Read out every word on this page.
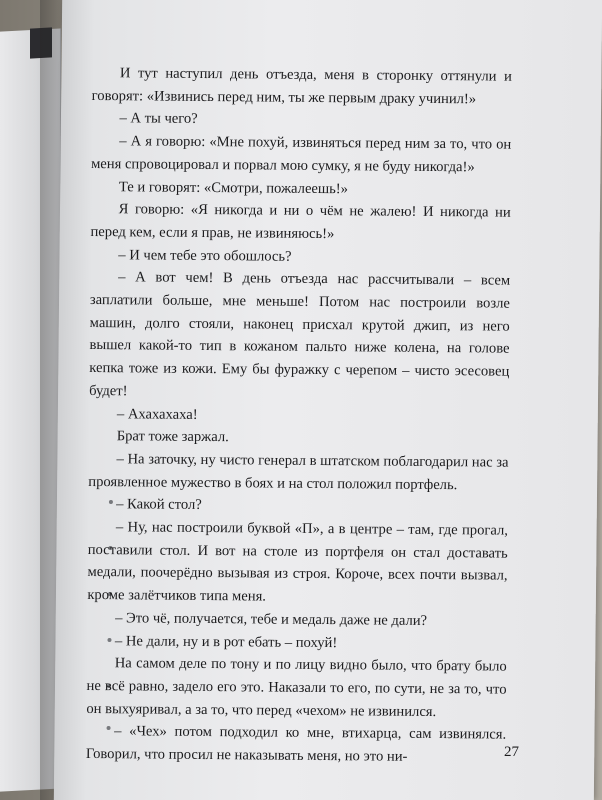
И тут наступил день отъезда, меня в сторонку оттянули и говорят: «Извинись перед ним, ты же первым драку учинил!»

– А ты чего?

– А я говорю: «Мне похуй, извиняться перед ним за то, что он меня спровоцировал и порвал мою сумку, я не буду никогда!»

Те и говорят: «Смотри, пожалеешь!»

Я говорю: «Я никогда и ни о чём не жалею! И никогда ни перед кем, если я прав, не извиняюсь!»

– И чем тебе это обошлось?

– А вот чем! В день отъезда нас рассчитывали – всем заплатили больше, мне меньше! Потом нас построили возле машин, долго стояли, наконец присхал крутой джип, из него вышел какой-то тип в кожаном пальто ниже колена, на голове кепка тоже из кожи. Ему бы фуражку с черепом – чисто эсесовец будет!

– Ахахахаха!

Брат тоже заржал.

– На заточку, ну чисто генерал в штатском поблагодарил нас за проявленное мужество в боях и на стол положил портфель.

– Какой стол?

– Ну, нас построили буквой «П», а в центре – там, где прогал, поставили стол. И вот на столе из портфеля он стал доставать медали, поочерёдно вызывая из строя. Короче, всех почти вызвал, кроме залётчиков типа меня.

– Это чё, получается, тебе и медаль даже не дали?

– Не дали, ну и в рот ебать – похуй!

На самом деле по тону и по лицу видно было, что брату было не всё равно, задело его это. Наказали то его, по сути, не за то, что он выхуяривал, а за то, что перед «чехом» не извинился.

– «Чех» потом подходил ко мне, втихарца, сам извинялся. Говорил, что просил не наказывать меня, но это ни-	27
